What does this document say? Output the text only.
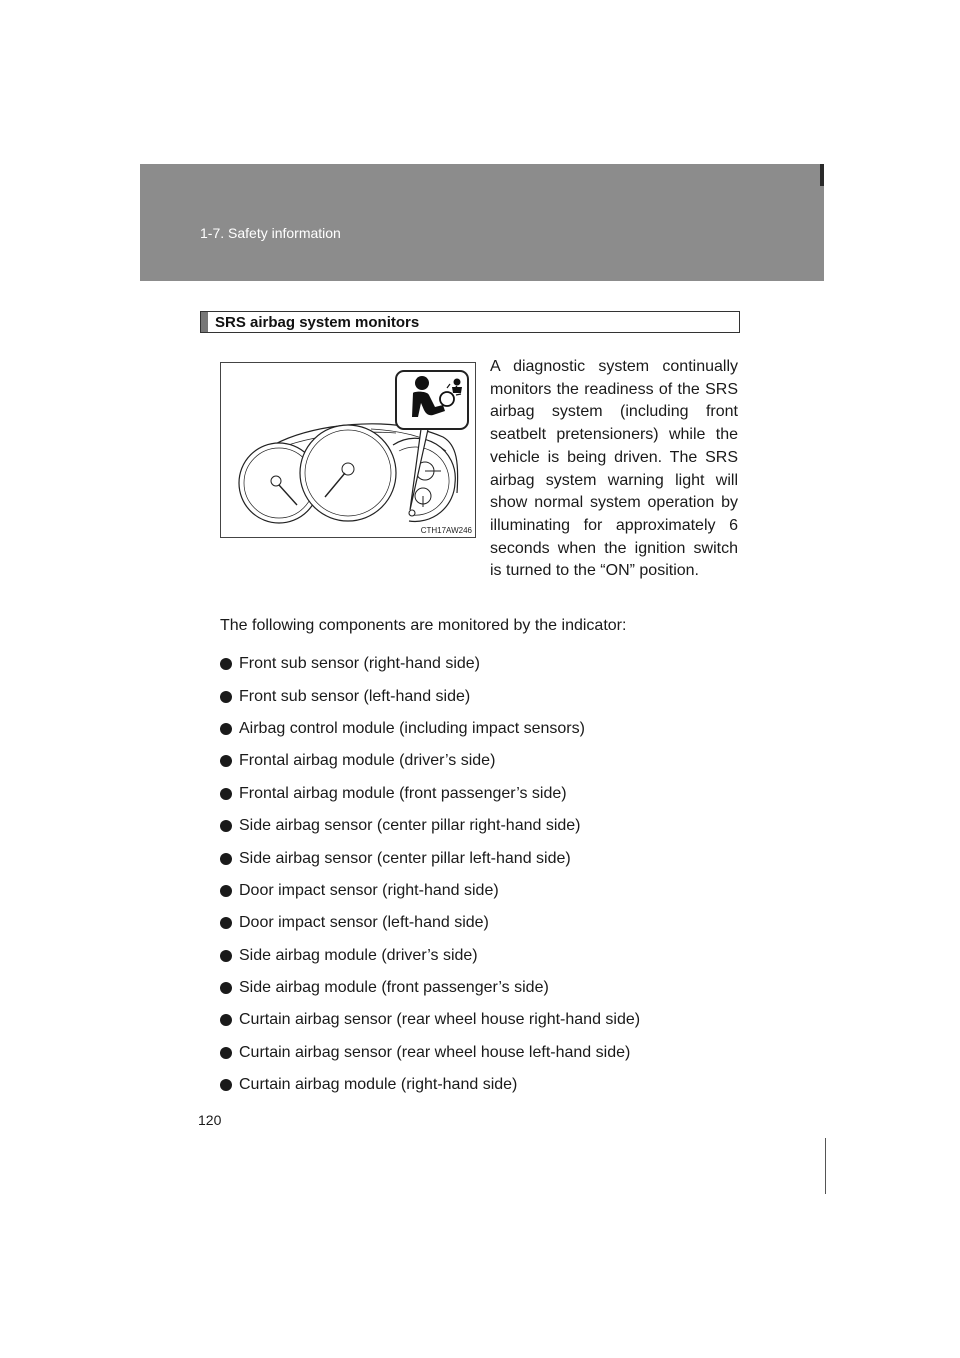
1-7. Safety information
SRS airbag system monitors
CTH17AW246
A diagnostic system continually monitors the readiness of the SRS airbag system (including front seatbelt pretensioners) while the vehicle is being driven. The SRS airbag system warning light will show normal system operation by illuminating for approximately 6 seconds when the ignition switch is turned to the “ON” position.
The following components are monitored by the indicator:
Front sub sensor (right-hand side)
Front sub sensor (left-hand side)
Airbag control module (including impact sensors)
Frontal airbag module (driver’s side)
Frontal airbag module (front passenger’s side)
Side airbag sensor (center pillar right-hand side)
Side airbag sensor (center pillar left-hand side)
Door impact sensor (right-hand side)
Door impact sensor (left-hand side)
Side airbag module (driver’s side)
Side airbag module (front passenger’s side)
Curtain airbag sensor (rear wheel house right-hand side)
Curtain airbag sensor (rear wheel house left-hand side)
Curtain airbag module (right-hand side)
120
